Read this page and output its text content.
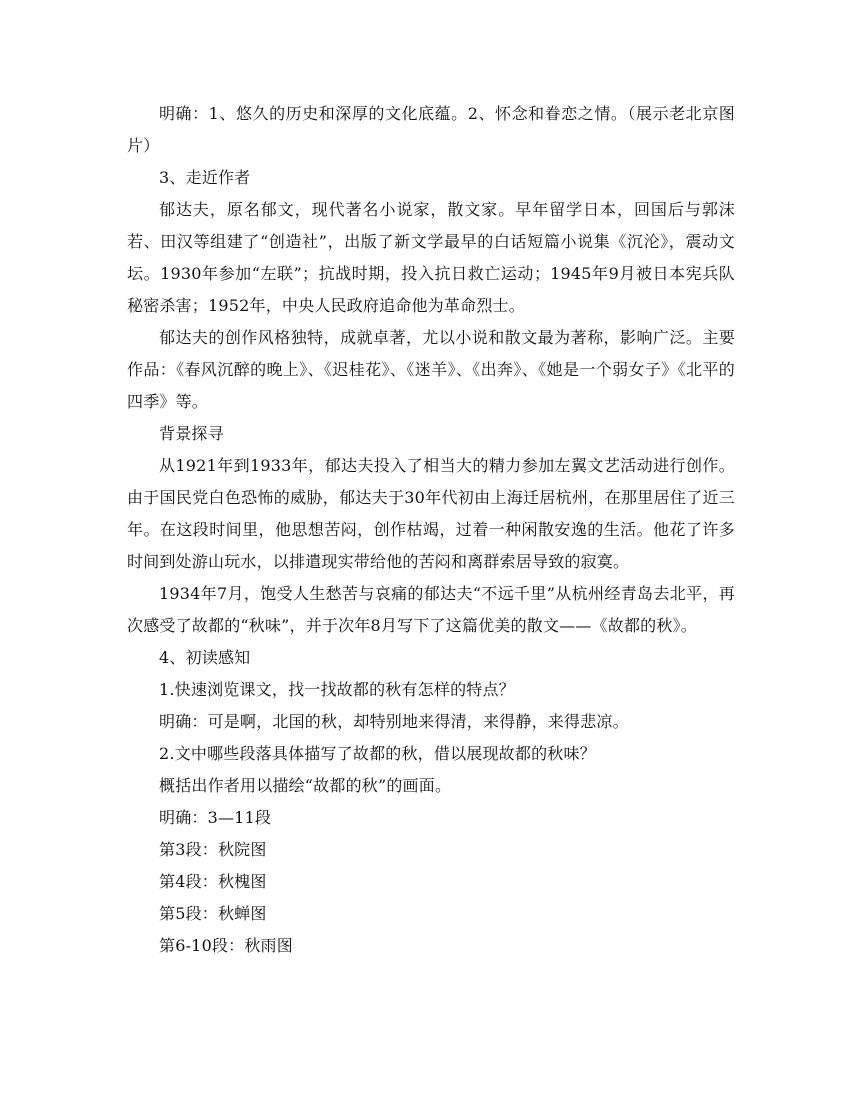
明确：1、悠久的历史和深厚的文化底蕴。2、怀念和眷恋之情。（展示老北京图片）

3、走近作者

郁达夫，原名郁文，现代著名小说家，散文家。早年留学日本，回国后与郭沫若、田汉等组建了“创造社”，出版了新文学最早的白话短篇小说集《沉沦》，震动文坛。1930年参加“左联”；抗战时期，投入抗日救亡运动；1945年9月被日本宪兵队秘密杀害；1952年，中央人民政府追命他为革命烈士。

郁达夫的创作风格独特，成就卓著，尤以小说和散文最为著称，影响广泛。主要作品：《春风沉醉的晚上》、《迟桂花》、《迷羊》、《出奔》、《她是一个弱女子》《北平的四季》等。

背景探寻

从1921年到1933年，郁达夫投入了相当大的精力参加左翼文艺活动进行创作。由于国民党白色恐怖的威胁，郁达夫于30年代初由上海迁居杭州，在那里居住了近三年。在这段时间里，他思想苦闷，创作枯竭，过着一种闲散安逸的生活。他花了许多时间到处游山玩水，以排遣现实带给他的苦闷和离群索居导致的寂寞。

1934年7月，饱受人生愁苦与哀痛的郁达夫“不远千里”从杭州经青岛去北平，再次感受了故都的“秋味”，并于次年8月写下了这篇优美的散文——《故都的秋》。

4、初读感知

1.快速浏览课文，找一找故都的秋有怎样的特点？

明确：可是啊，北国的秋，却特别地来得清，来得静，来得悲凉。

2.文中哪些段落具体描写了故都的秋，借以展现故都的秋味？

概括出作者用以描绘“故都的秋”的画面。

明确：3—11段

第3段：秋院图

第4段：秋槐图

第5段：秋蝉图

第6-10段：秋雨图
